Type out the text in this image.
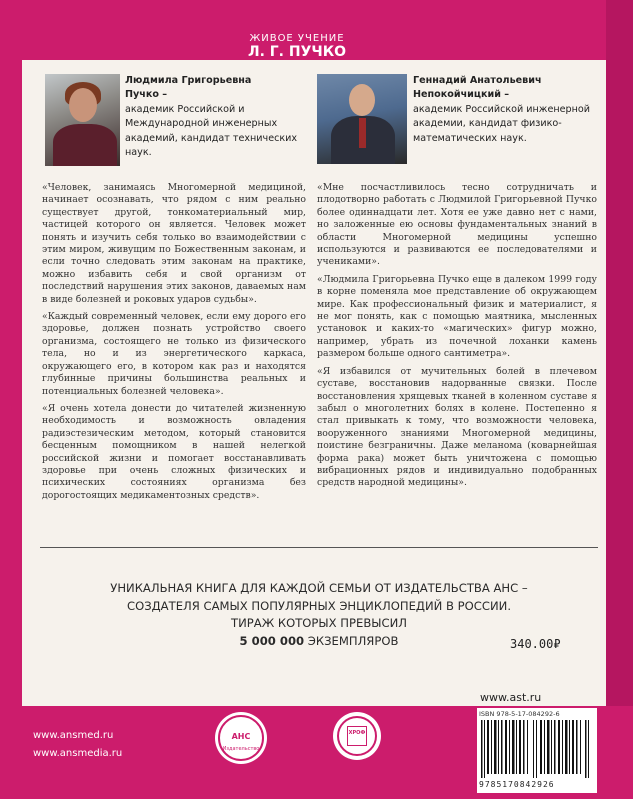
ЖИВОЕ УЧЕНИЕ
Л. Г. ПУЧКО
Людмила Григорьевна
Пучко –
академик Российской и Международной инженерных академий, кандидат технических наук.
Геннадий Анатольевич
Непокойчицкий –
академик Российской инженерной академии, кандидат физико-математических наук.

«Человек, занимаясь Многомерной медициной, начинает осознавать, что рядом с ним реально существует другой, тонкоматериальный мир, частицей которого он является. Человек может понять и изучить себя только во взаимодействии с этим миром, живущим по Божественным законам, и если точно следовать этим законам на практике, можно избавить себя и свой организм от последствий нарушения этих законов, даваемых нам в виде болезней и роковых ударов судьбы».

«Каждый современный человек, если ему дорого его здоровье, должен познать устройство своего организма, состоящего не только из физического тела, но и из энергетического каркаса, окружающего его, в котором как раз и находятся глубинные причины большинства реальных и потенциальных болезней человека».

«Я очень хотела донести до читателей жизненную необходимость и возможность овладения радиэстезическим методом, который становится бесценным помощником в нашей нелегкой российской жизни и помогает восстанавливать здоровье при очень сложных физических и психических состояниях организма без дорогостоящих медикаментозных средств».

«Мне посчастливилось тесно сотрудничать и плодотворно работать с Людмилой Григорьевной Пучко более одиннадцати лет. Хотя ее уже давно нет с нами, но заложенные ею основы фундаментальных знаний в области Многомерной медицины успешно используются и развиваются ее последователями и учениками».

«Людмила Григорьевна Пучко еще в далеком 1999 году в корне поменяла мое представление об окружающем мире. Как профессиональный физик и материалист, я не мог понять, как с помощью маятника, мысленных установок и каких-то «магических» фигур можно, например, убрать из почечной лоханки камень размером больше одного сантиметра».

«Я избавился от мучительных болей в плечевом суставе, восстановив надорванные связки. После восстановления хрящевых тканей в коленном суставе я забыл о многолетних болях в колене. Постепенно я стал привыкать к тому, что возможности человека, вооруженного знаниями Многомерной медицины, поистине безграничны. Даже меланома (коварнейшая форма рака) может быть уничтожена с помощью вибрационных рядов и индивидуально подобранных средств народной медицины».

УНИКАЛЬНАЯ КНИГА ДЛЯ КАЖДОЙ СЕМЬИ ОТ ИЗДАТЕЛЬСТВА АНС –
СОЗДАТЕЛЯ САМЫХ ПОПУЛЯРНЫХ ЭНЦИКЛОПЕДИЙ В РОССИИ.
ТИРАЖ КОТОРЫХ ПРЕВЫСИЛ
5 000 000 ЭКЗЕМПЛЯРОВ	340.00₽
www.ast.ru
ISBN 978-5-17-084292-6
9785170842926
www.ansmed.ru
www.ansmedia.ru
АНС
Издательство
ХРОФ
